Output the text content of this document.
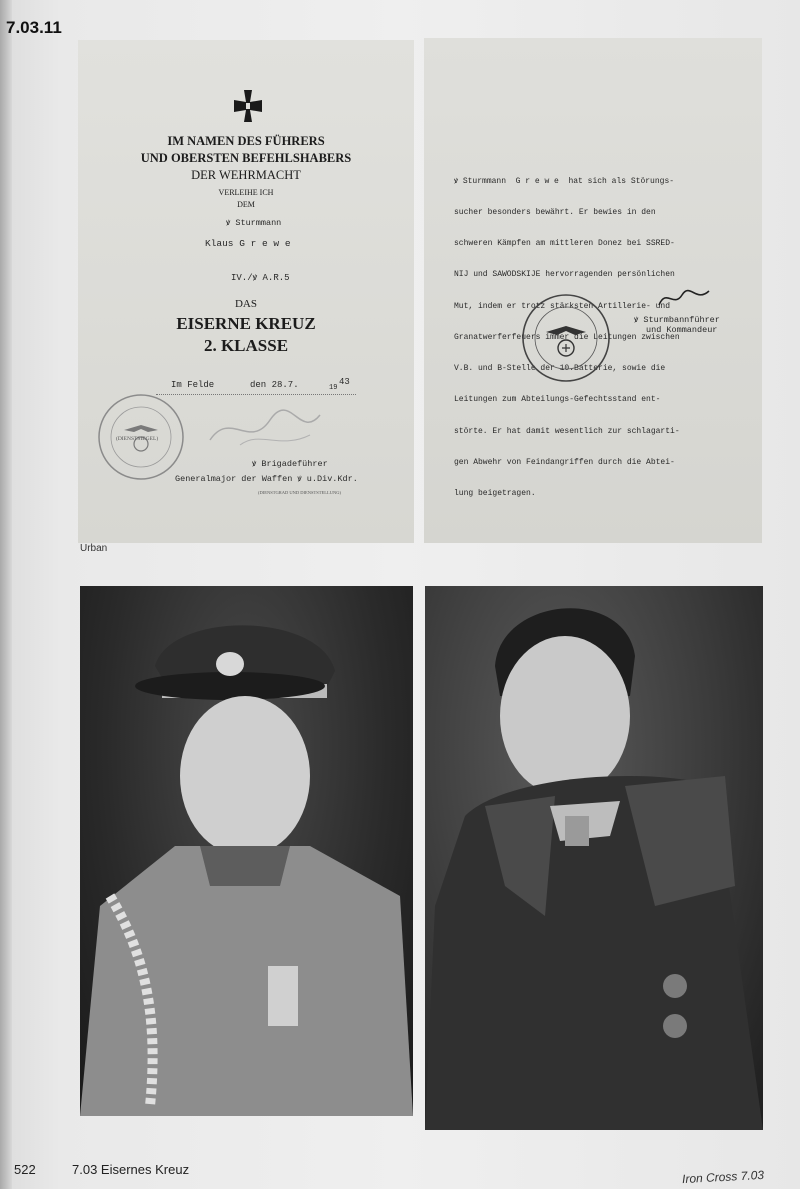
7.03.11
IM NAMEN DES FÜHRERS
UND OBERSTEN BEFEHLSHABERS
DER WEHRMACHT
VERLEIHE ICH
DEM
ꝟ Sturmmann
Klaus G r e w e
IV./ꝟ A.R.5
DAS
EISERNE KREUZ
2. KLASSE
Im Felde	den 28.7.	19
43
(DIENSTSIEGEL)
ꝟ Brigadeführer
Generalmajor der Waffen ꝟ u.Div.Kdr.
(DIENSTGRAD UND DIENSTSTELLUNG)

ꝟ Sturmmann  G r e w e  hat sich als Störungs-

sucher besonders bewährt. Er bewies in den

schweren Kämpfen am mittleren Donez bei SSRED-

NIJ und SAWODSKIJE hervorragenden persönlichen

Mut, indem er trotz stärksten Artillerie- und

Granatwerferfeuers immer die Leitungen zwischen

V.B. und B-Stelle der 10.Batterie, sowie die

Leitungen zum Abteilungs-Gefechtsstand ent-

störte. Er hat damit wesentlich zur schlagarti-

gen Abwehr von Feindangriffen durch die Abtei-

lung beigetragen.

ꝟ Sturmbannführer
und Kommandeur
Urban
522	7.03 Eisernes Kreuz	Iron Cross 7.03
